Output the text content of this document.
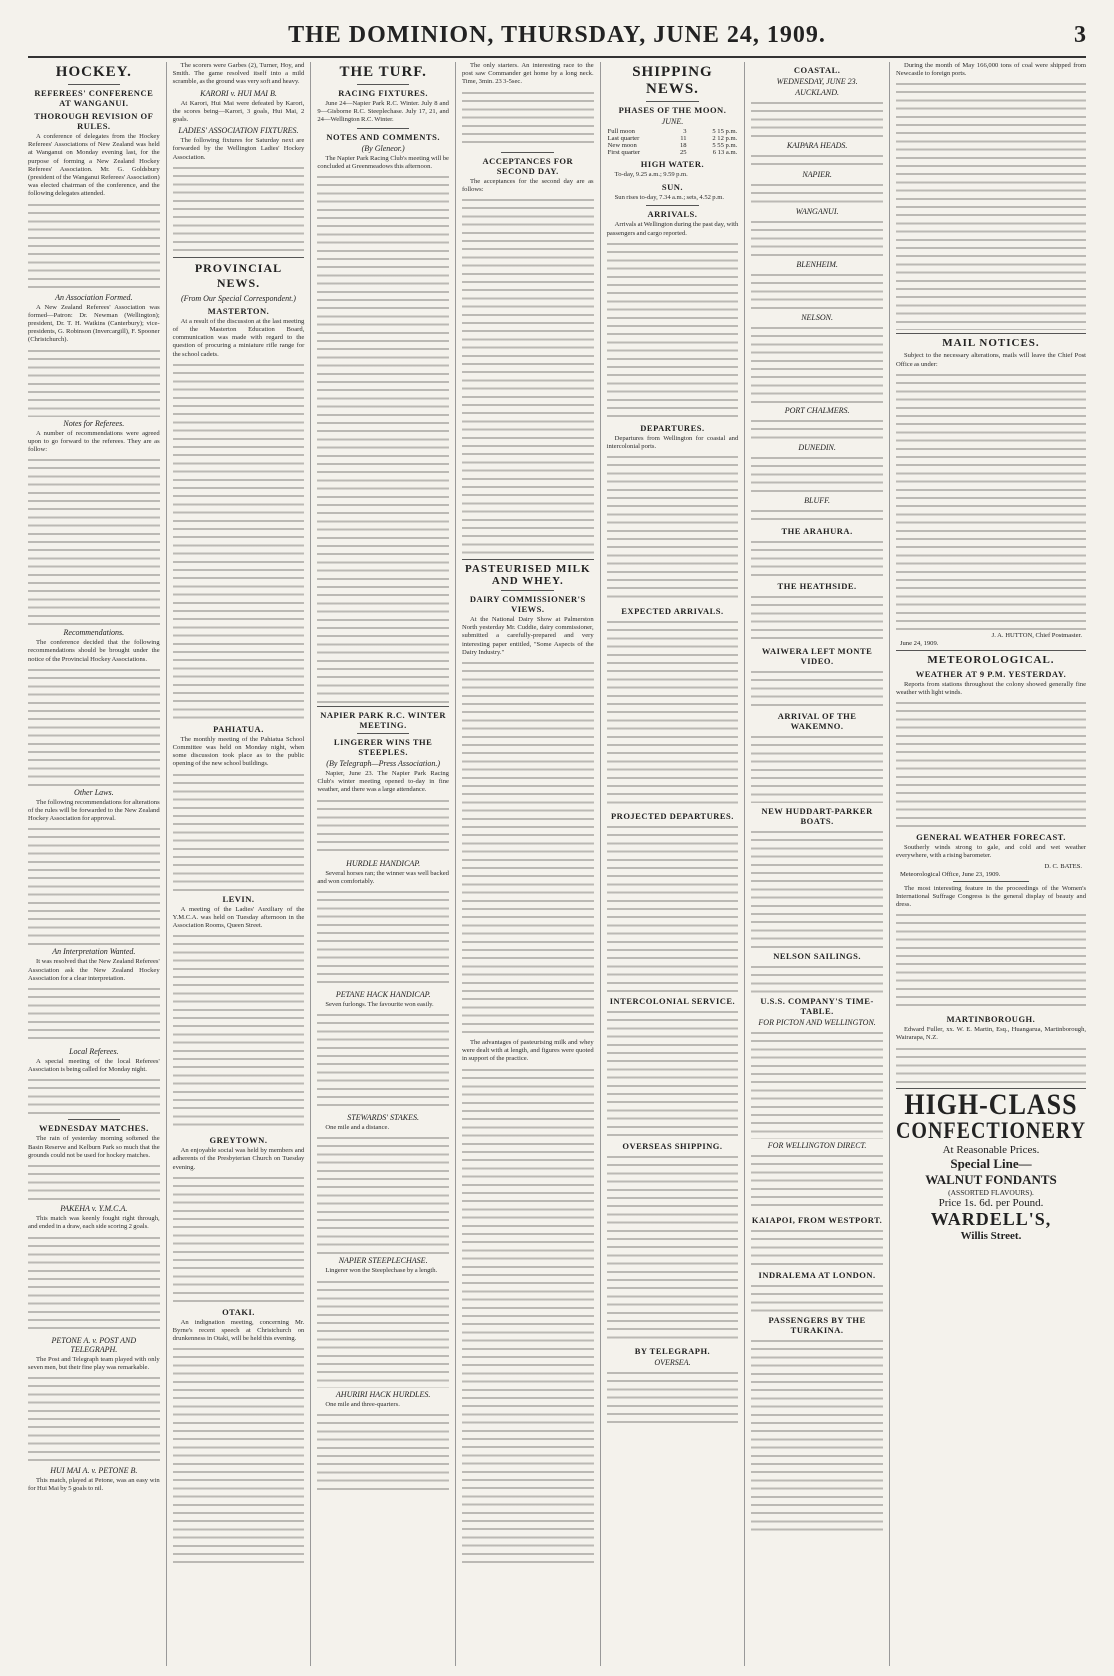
THE DOMINION, THURSDAY, JUNE 24, 1909.	3
HOCKEY.
REFEREES' CONFERENCE AT WANGANUI.
THOROUGH REVISION OF RULES.

A conference of delegates from the Hockey Referees' Associations of New Zealand was held at Wanganui on Monday evening last, for the purpose of forming a New Zealand Hockey Referees' Association. Mr. G. Goldsbury (president of the Wanganui Referees' Association) was elected chairman of the conference, and the following delegates attended.

An Association Formed.

A New Zealand Referees' Association was formed—Patron: Dr. Newman (Wellington); president, Dr. T. H. Watkins (Canterbury); vice-presidents, G. Robinson (Invercargill), F. Spooner (Christchurch).

Notes for Referees.

A number of recommendations were agreed upon to go forward to the referees. They are as follow:

Recommendations.

The conference decided that the following recommendations should be brought under the notice of the Provincial Hockey Associations.

Other Laws.

The following recommendations for alterations of the rules will be forwarded to the New Zealand Hockey Association for approval.

An Interpretation Wanted.

It was resolved that the New Zealand Referees' Association ask the New Zealand Hockey Association for a clear interpretation.

Local Referees.

A special meeting of the local Referees' Association is being called for Monday night.

WEDNESDAY MATCHES.

The rain of yesterday morning softened the Basin Reserve and Kelburn Park so much that the grounds could not be used for hockey matches.

PAKEHA v. Y.M.C.A.

This match was keenly fought right through, and ended in a draw, each side scoring 2 goals.

PETONE A. v. POST AND TELEGRAPH.

The Post and Telegraph team played with only seven men, but their fine play was remarkable.

HUI MAI A. v. PETONE B.

This match, played at Petone, was an easy win for Hui Mai by 5 goals to nil.

The scorers were Garbes (2), Turner, Hoy, and Smith. The game resolved itself into a mild scramble, as the ground was very soft and heavy.

KARORI v. HUI MAI B.

At Karori, Hui Mai were defeated by Karori, the scores being—Karori, 3 goals, Hui Mai, 2 goals.

LADIES' ASSOCIATION FIXTURES.

The following fixtures for Saturday next are forwarded by the Wellington Ladies' Hockey Association.

PROVINCIAL NEWS.
(From Our Special Correspondent.)
MASTERTON.

At a result of the discussion at the last meeting of the Masterton Education Board, communication was made with regard to the question of procuring a miniature rifle range for the school cadets.

PAHIATUA.

The monthly meeting of the Pahiatua School Committee was held on Monday night, when some discussion took place as to the public opening of the new school buildings.

LEVIN.

A meeting of the Ladies' Auxiliary of the Y.M.C.A. was held on Tuesday afternoon in the Association Rooms, Queen Street.

GREYTOWN.

An enjoyable social was held by members and adherents of the Presbyterian Church on Tuesday evening.

OTAKI.

An indignation meeting, concerning Mr. Byrne's recent speech at Christchurch on drunkenness in Otaki, will be held this evening.

THE TURF.
RACING FIXTURES.

June 24—Napier Park R.C. Winter. July 8 and 9—Gisborne R.C. Steeplechase. July 17, 21, and 24—Wellington R.C. Winter.

NOTES AND COMMENTS.
(By Gleneor.)

The Napier Park Racing Club's meeting will be concluded at Greenmeadows this afternoon.

NAPIER PARK R.C. WINTER MEETING.
LINGERER WINS THE STEEPLES.
(By Telegraph—Press Association.)

Napier, June 23. The Napier Park Racing Club's winter meeting opened to-day in fine weather, and there was a large attendance.

HURDLE HANDICAP.

Several horses ran; the winner was well backed and won comfortably.

PETANE HACK HANDICAP.

Seven furlongs. The favourite won easily.

STEWARDS' STAKES.

One mile and a distance.

NAPIER STEEPLECHASE.

Lingerer won the Steeplechase by a length.

AHURIRI HACK HURDLES.

One mile and three-quarters.

The only starters. An interesting race to the post saw Commander get home by a long neck. Time, 3min. 23 3-5sec.

ACCEPTANCES FOR SECOND DAY.

The acceptances for the second day are as follows:

PASTEURISED MILK AND WHEY.
DAIRY COMMISSIONER'S VIEWS.

At the National Dairy Show at Palmerston North yesterday Mr. Cuddie, dairy commissioner, submitted a carefully-prepared and very interesting paper entitled, "Some Aspects of the Dairy Industry."

The advantages of pasteurising milk and whey were dealt with at length, and figures were quoted in support of the practice.

SHIPPING NEWS.
PHASES OF THE MOON.
JUNE.
Full moon	3	5 15 p.m.
Last quarter	11	2 12 p.m.
New moon	18	5 55 p.m.
First quarter	25	6 13 a.m.
HIGH WATER.

To-day, 9.25 a.m.; 9.59 p.m.

SUN.

Sun rises to-day, 7.34 a.m.; sets, 4.52 p.m.

ARRIVALS.

Arrivals at Wellington during the past day, with passengers and cargo reported.

DEPARTURES.

Departures from Wellington for coastal and intercolonial ports.

EXPECTED ARRIVALS.
PROJECTED DEPARTURES.
INTERCOLONIAL SERVICE.
OVERSEAS SHIPPING.
BY TELEGRAPH.
OVERSEA.
COASTAL.
WEDNESDAY, JUNE 23.
AUCKLAND.
KAIPARA HEADS.
NAPIER.
WANGANUI.
BLENHEIM.
NELSON.
PORT CHALMERS.
DUNEDIN.
BLUFF.
THE ARAHURA.
THE HEATHSIDE.
WAIWERA LEFT MONTE VIDEO.
ARRIVAL OF THE WAKEMNO.
NEW HUDDART-PARKER BOATS.
NELSON SAILINGS.
U.S.S. COMPANY'S TIME-TABLE.
FOR PICTON AND WELLINGTON.
FOR WELLINGTON DIRECT.
KAIAPOI, FROM WESTPORT.
INDRALEMA AT LONDON.
PASSENGERS BY THE TURAKINA.

During the month of May 166,000 tons of coal were shipped from Newcastle to foreign ports.

MAIL NOTICES.

Subject to the necessary alterations, mails will leave the Chief Post Office as under:

J. A. HUTTON, Chief Postmaster.
June 24, 1909.
METEOROLOGICAL.
WEATHER AT 9 P.M. YESTERDAY.

Reports from stations throughout the colony showed generally fine weather with light winds.

GENERAL WEATHER FORECAST.

Southerly winds strong to gale, and cold and wet weather everywhere, with a rising barometer.

D. C. BATES.
Meteorological Office, June 23, 1909.

The most interesting feature in the proceedings of the Women's International Suffrage Congress is the general display of beauty and dress.

MARTINBOROUGH.

Edward Fuller, xx. W. E. Martin, Esq., Huangarua, Martinborough, Wairarapa, N.Z.

HIGH-CLASS
CONFECTIONERY
At Reasonable Prices.
Special Line—
WALNUT FONDANTS
(ASSORTED FLAVOURS).
Price 1s. 6d. per Pound.
WARDELL'S,
Willis Street.
